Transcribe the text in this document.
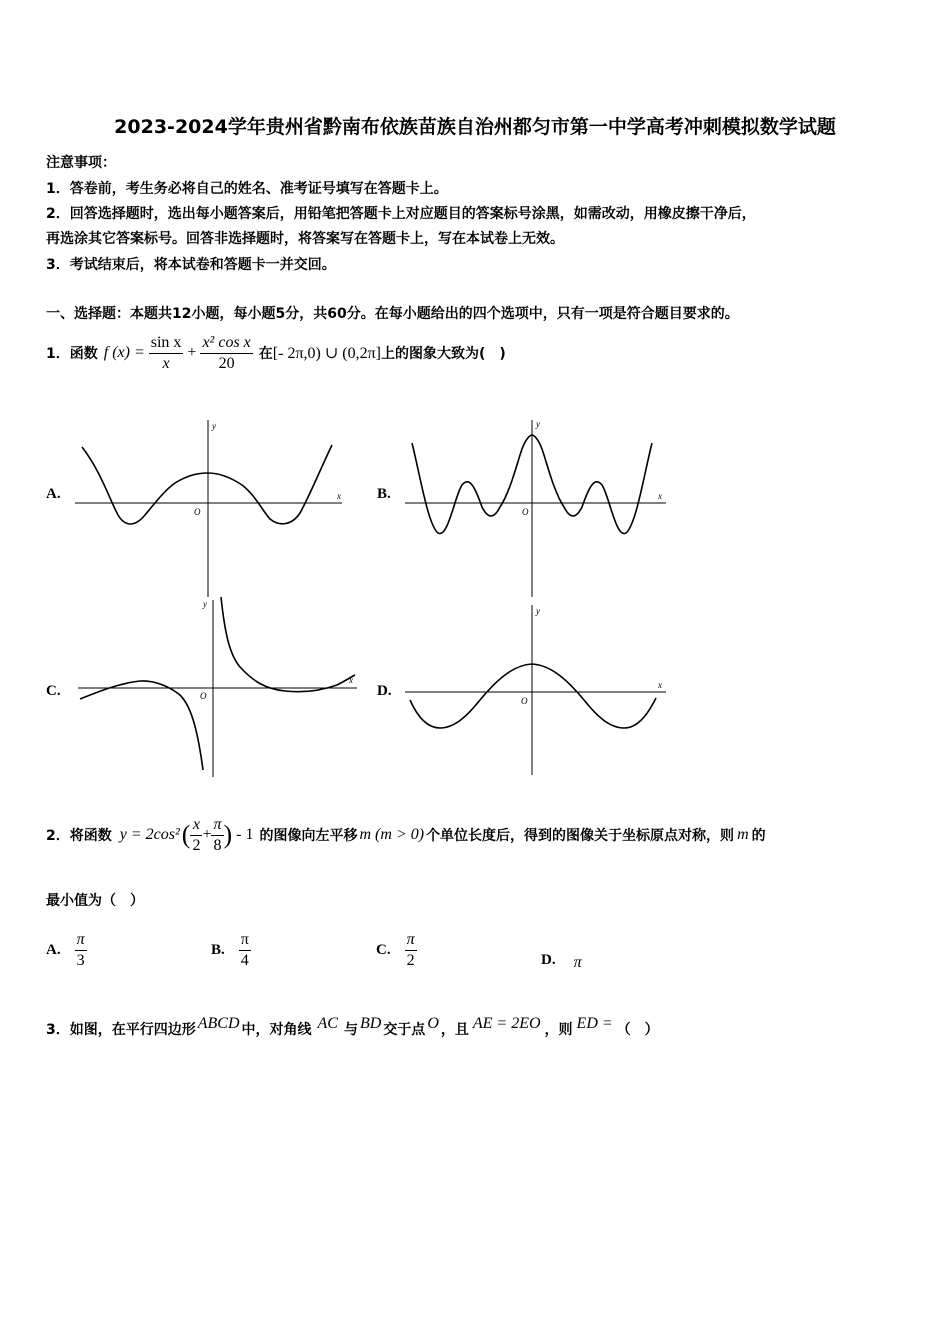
2023-2024学年贵州省黔南布依族苗族自治州都匀市第一中学高考冲刺模拟数学试题
注意事项：
1．答卷前，考生务必将自己的姓名、准考证号填写在答题卡上。
2．回答选择题时，选出每小题答案后，用铅笔把答题卡上对应题目的答案标号涂黑，如需改动，用橡皮擦干净后，
再选涂其它答案标号。回答非选择题时，将答案写在答题卡上，写在本试卷上无效。
3．考试结束后，将本试卷和答题卡一并交回。
一、选择题：本题共12小题，每小题5分，共60分。在每小题给出的四个选项中，只有一项是符合题目要求的。
1．函数 f $(x) = \frac{\text{sin x}}{x} + \frac{\text{x² cos x}}{20}$ 在 [- 2π,0) ∪ (0,2π] 上的图象大致为(　)
A.	B.
C.	D.
y
x
O
y
x
O
y
x
O
y
x
O
2．将函数 y = 2cos² ( $\frac{x}{2} + \frac{\pi}{8}$ ) - 1 的图像向左平移 m (m > 0) 个单位长度后，得到的图像关于坐标原点对称，则 m 的
最小值为（　）
A. $\frac{\pi}{3}$	B. $\frac{\pi}{4}$	C. $\frac{\pi}{2}$	D. π
3．如图，在平行四边形 ABCD 中，对角线 AC 与 BD 交于点 O ，且 AE = 2EO ，则 ED = （　）
